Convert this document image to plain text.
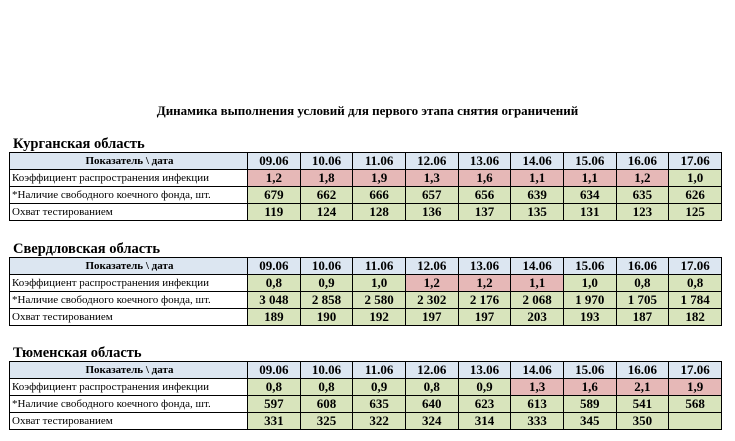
Динамика выполнения условий для первого этапа снятия ограничений
Курганская область
Показатель \ дата	09.06	10.06	11.06	12.06	13.06	14.06	15.06	16.06	17.06
Коэффициент распространения инфекции	1,2	1,8	1,9	1,3	1,6	1,1	1,1	1,2	1,0
*Наличие свободного коечного фонда, шт.	679	662	666	657	656	639	634	635	626
Охват тестированием	119	124	128	136	137	135	131	123	125
Свердловская область
Показатель \ дата	09.06	10.06	11.06	12.06	13.06	14.06	15.06	16.06	17.06
Коэффициент распространения инфекции	0,8	0,9	1,0	1,2	1,2	1,1	1,0	0,8	0,8
*Наличие свободного коечного фонда, шт.	3 048	2 858	2 580	2 302	2 176	2 068	1 970	1 705	1 784
Охват тестированием	189	190	192	197	197	203	193	187	182
Тюменская область
Показатель \ дата	09.06	10.06	11.06	12.06	13.06	14.06	15.06	16.06	17.06
Коэффициент распространения инфекции	0,8	0,8	0,9	0,8	0,9	1,3	1,6	2,1	1,9
*Наличие свободного коечного фонда, шт.	597	608	635	640	623	613	589	541	568
Охват тестированием	331	325	322	324	314	333	345	350	
